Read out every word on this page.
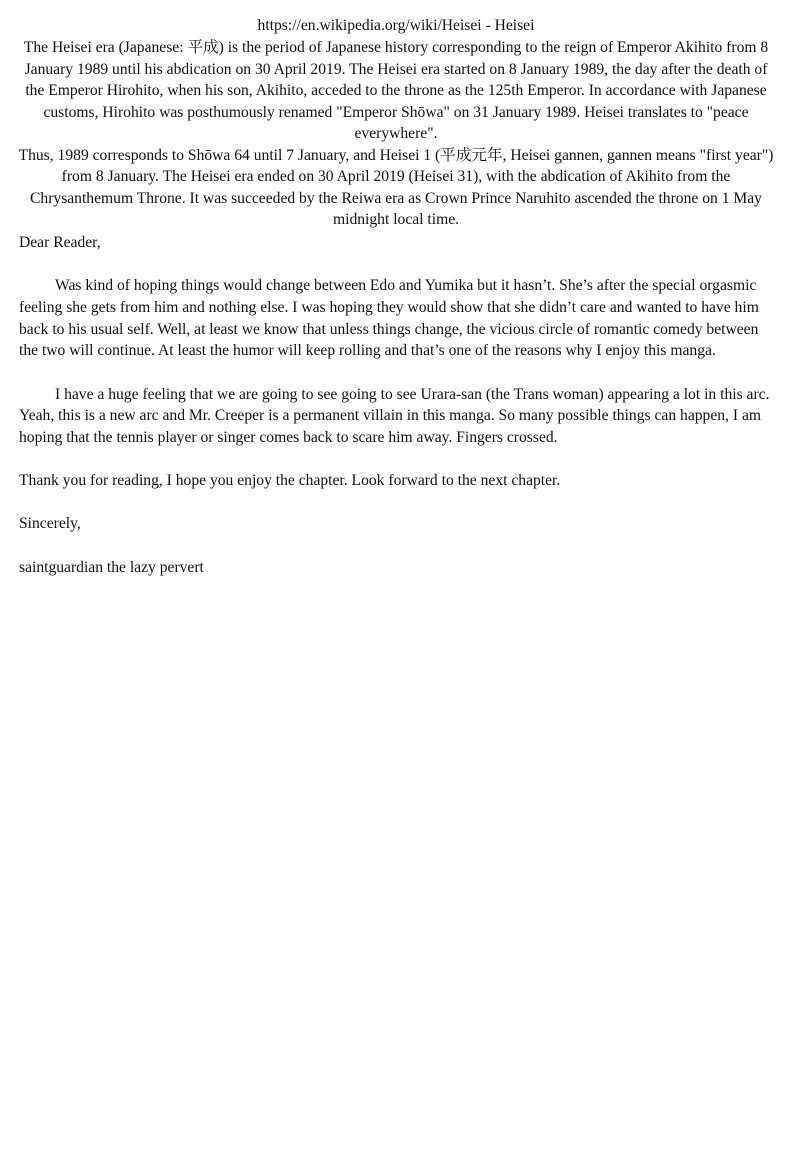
https://en.wikipedia.org/wiki/Heisei - Heisei

The Heisei era (Japanese: 平成) is the period of Japanese history corresponding to the reign of Emperor Akihito from 8 January 1989 until his abdication on 30 April 2019. The Heisei era started on 8 January 1989, the day after the death of the Emperor Hirohito, when his son, Akihito, acceded to the throne as the 125th Emperor. In accordance with Japanese customs, Hirohito was posthumously renamed "Emperor Shōwa" on 31 January 1989. Heisei translates to "peace everywhere".

Thus, 1989 corresponds to Shōwa 64 until 7 January, and Heisei 1 (平成元年, Heisei gannen, gannen means "first year") from 8 January. The Heisei era ended on 30 April 2019 (Heisei 31), with the abdication of Akihito from the Chrysanthemum Throne. It was succeeded by the Reiwa era as Crown Prince Naruhito ascended the throne on 1 May midnight local time.

Dear Reader,

Was kind of hoping things would change between Edo and Yumika but it hasn’t. She’s after the special orgasmic feeling she gets from him and nothing else. I was hoping they would show that she didn’t care and wanted to have him back to his usual self. Well, at least we know that unless things change, the vicious circle of romantic comedy between the two will continue. At least the humor will keep rolling and that’s one of the reasons why I enjoy this manga.

I have a huge feeling that we are going to see going to see Urara-san (the Trans woman) appearing a lot in this arc. Yeah, this is a new arc and Mr. Creeper is a permanent villain in this manga. So many possible things can happen, I am hoping that the tennis player or singer comes back to scare him away. Fingers crossed.

Thank you for reading, I hope you enjoy the chapter. Look forward to the next chapter.

Sincerely,

saintguardian the lazy pervert
